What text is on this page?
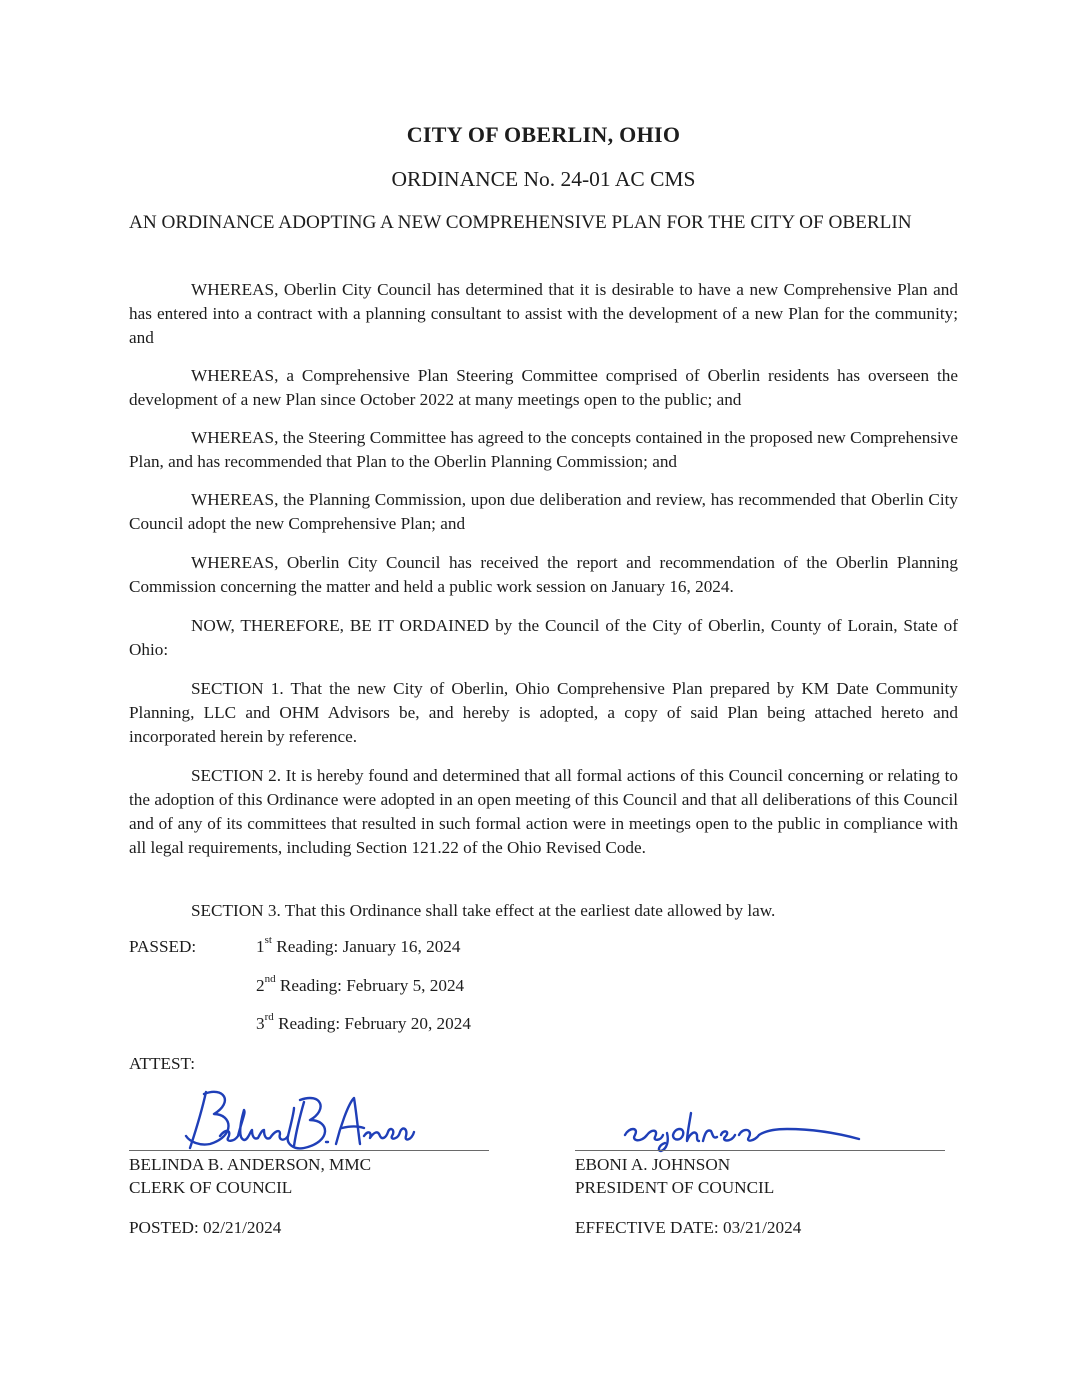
CITY OF OBERLIN, OHIO
ORDINANCE No. 24-01 AC CMS
AN ORDINANCE ADOPTING A NEW COMPREHENSIVE PLAN FOR THE CITY OF OBERLIN

WHEREAS, Oberlin City Council has determined that it is desirable to have a new Comprehensive Plan and has entered into a contract with a planning consultant to assist with the development of a new Plan for the community; and

WHEREAS, a Comprehensive Plan Steering Committee comprised of Oberlin residents has overseen the development of a new Plan since October 2022 at many meetings open to the public; and

WHEREAS, the Steering Committee has agreed to the concepts contained in the proposed new Comprehensive Plan, and has recommended that Plan to the Oberlin Planning Commission; and

WHEREAS, the Planning Commission, upon due deliberation and review, has recommended that Oberlin City Council adopt the new Comprehensive Plan; and

WHEREAS, Oberlin City Council has received the report and recommendation of the Oberlin Planning Commission concerning the matter and held a public work session on January 16, 2024.

NOW, THEREFORE, BE IT ORDAINED by the Council of the City of Oberlin, County of Lorain, State of Ohio:

SECTION 1. That the new City of Oberlin, Ohio Comprehensive Plan prepared by KM Date Community Planning, LLC and OHM Advisors be, and hereby is adopted, a copy of said Plan being attached hereto and incorporated herein by reference.

SECTION 2. It is hereby found and determined that all formal actions of this Council concerning or relating to the adoption of this Ordinance were adopted in an open meeting of this Council and that all deliberations of this Council and of any of its committees that resulted in such formal action were in meetings open to the public in compliance with all legal requirements, including Section 121.22 of the Ohio Revised Code.

SECTION 3. That this Ordinance shall take effect at the earliest date allowed by law.

PASSED:	1st Reading: January 16, 2024
2nd Reading: February 5, 2024
3rd Reading: February 20, 2024
ATTEST:
BELINDA B. ANDERSON, MMC
CLERK OF COUNCIL
EBONI A. JOHNSON
PRESIDENT OF COUNCIL
POSTED: 02/21/2024	EFFECTIVE DATE: 03/21/2024
